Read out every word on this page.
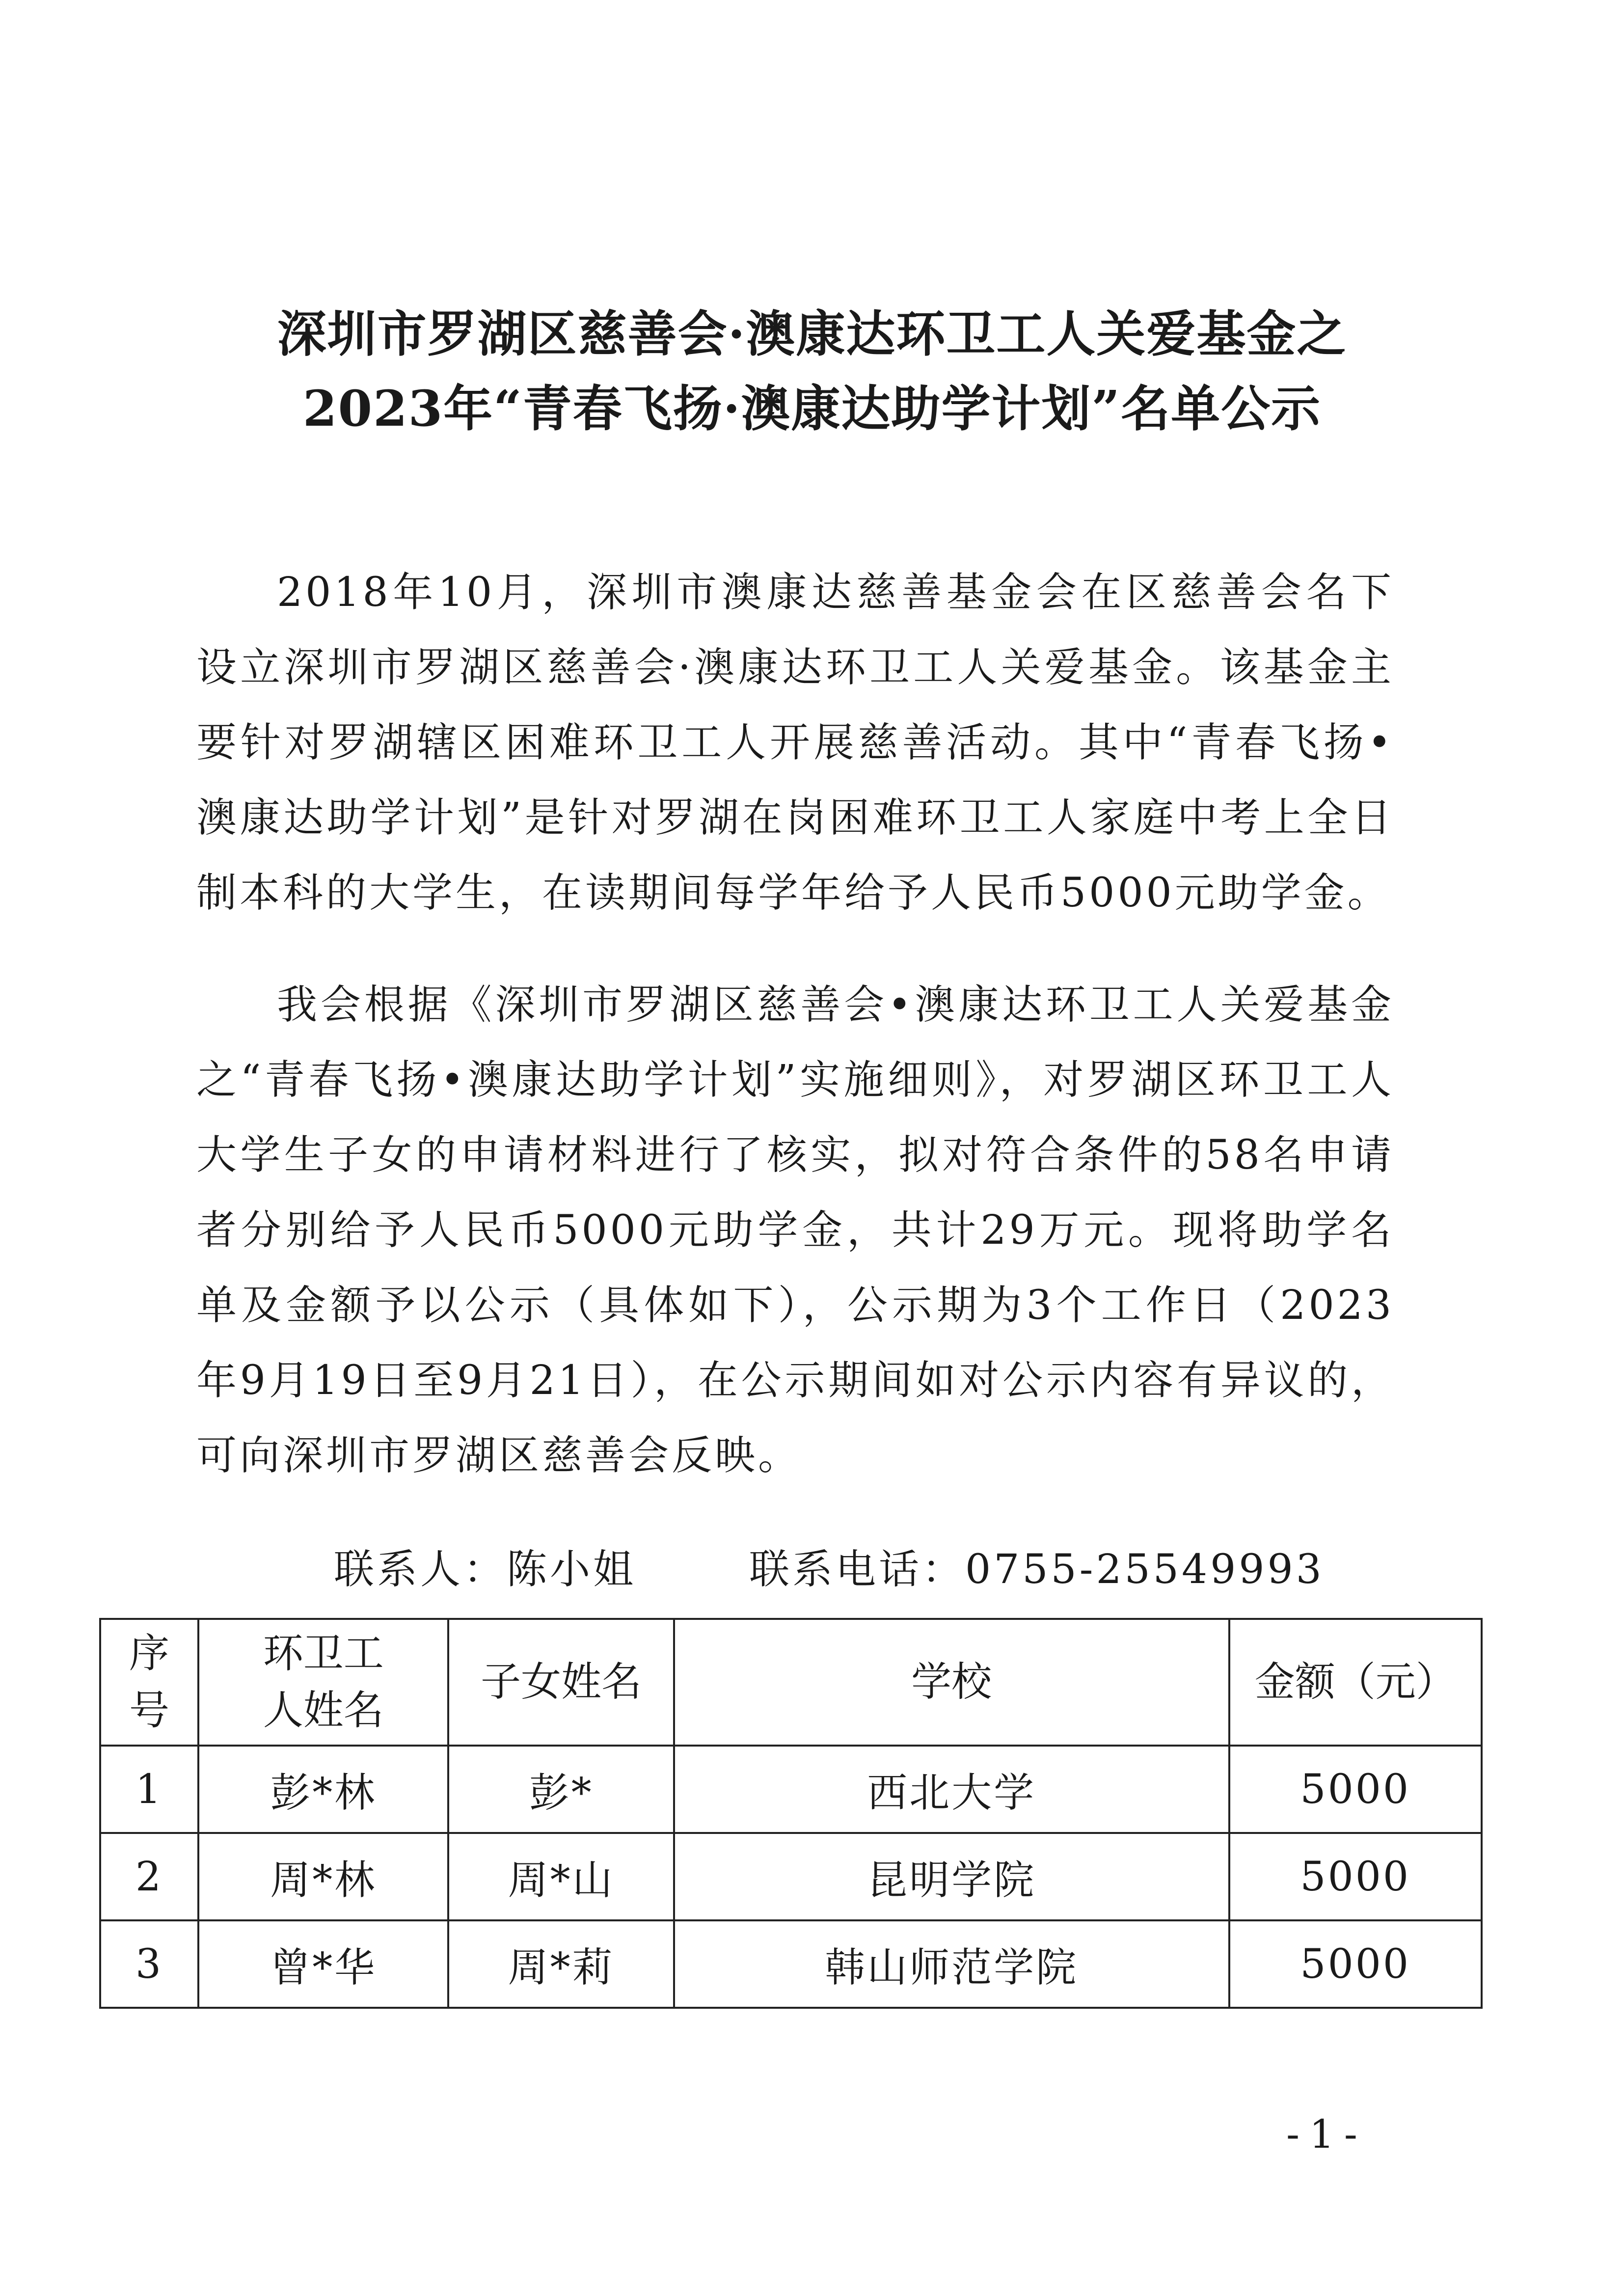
深圳市罗湖区慈善会·澳康达环卫工人关爱基金之
2023年“青春飞扬·澳康达助学计划”名单公示

2018年10月，深圳市澳康达慈善基金会在区慈善会名下设立深圳市罗湖区慈善会·澳康达环卫工人关爱基金。该基金主要针对罗湖辖区困难环卫工人开展慈善活动。其中“青春飞扬•澳康达助学计划”是针对罗湖在岗困难环卫工人家庭中考上全日制本科的大学生，在读期间每学年给予人民币5000元助学金。

我会根据《深圳市罗湖区慈善会•澳康达环卫工人关爱基金之“青春飞扬•澳康达助学计划”实施细则》，对罗湖区环卫工人大学生子女的申请材料进行了核实，拟对符合条件的58名申请者分别给予人民币5000元助学金，共计29万元。现将助学名单及金额予以公示（具体如下），公示期为3个工作日（2023年9月19日至9月21日），在公示期间如对公示内容有异议的，可向深圳市罗湖区慈善会反映。

联系人：陈小姐	联系电话：0755-25549993
序号	环卫工人姓名	子女姓名	学校	金额（元）
1	彭*林	彭*	西北大学	5000
2	周*林	周*山	昆明学院	5000
3	曾*华	周*莉	韩山师范学院	5000
-1-
